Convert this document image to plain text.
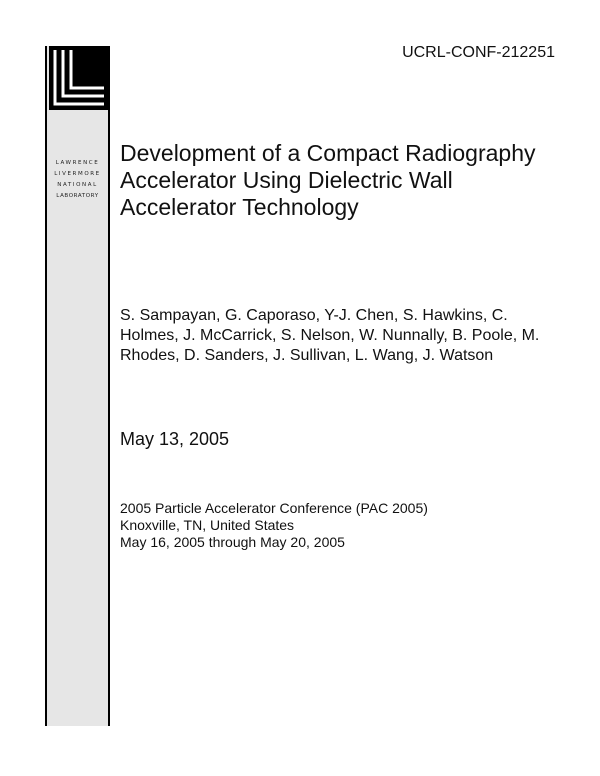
LAWRENCE
LIVERMORE
NATIONAL
LABORATORY
UCRL-CONF-212251
Development of a Compact Radiography Accelerator Using Dielectric Wall Accelerator Technology
S. Sampayan, G. Caporaso, Y-J. Chen, S. Hawkins, C. Holmes, J. McCarrick, S. Nelson, W. Nunnally, B. Poole, M. Rhodes, D. Sanders, J. Sullivan, L. Wang, J. Watson
May 13, 2005
2005 Particle Accelerator Conference (PAC 2005)
Knoxville, TN, United States
May 16, 2005 through May 20, 2005
